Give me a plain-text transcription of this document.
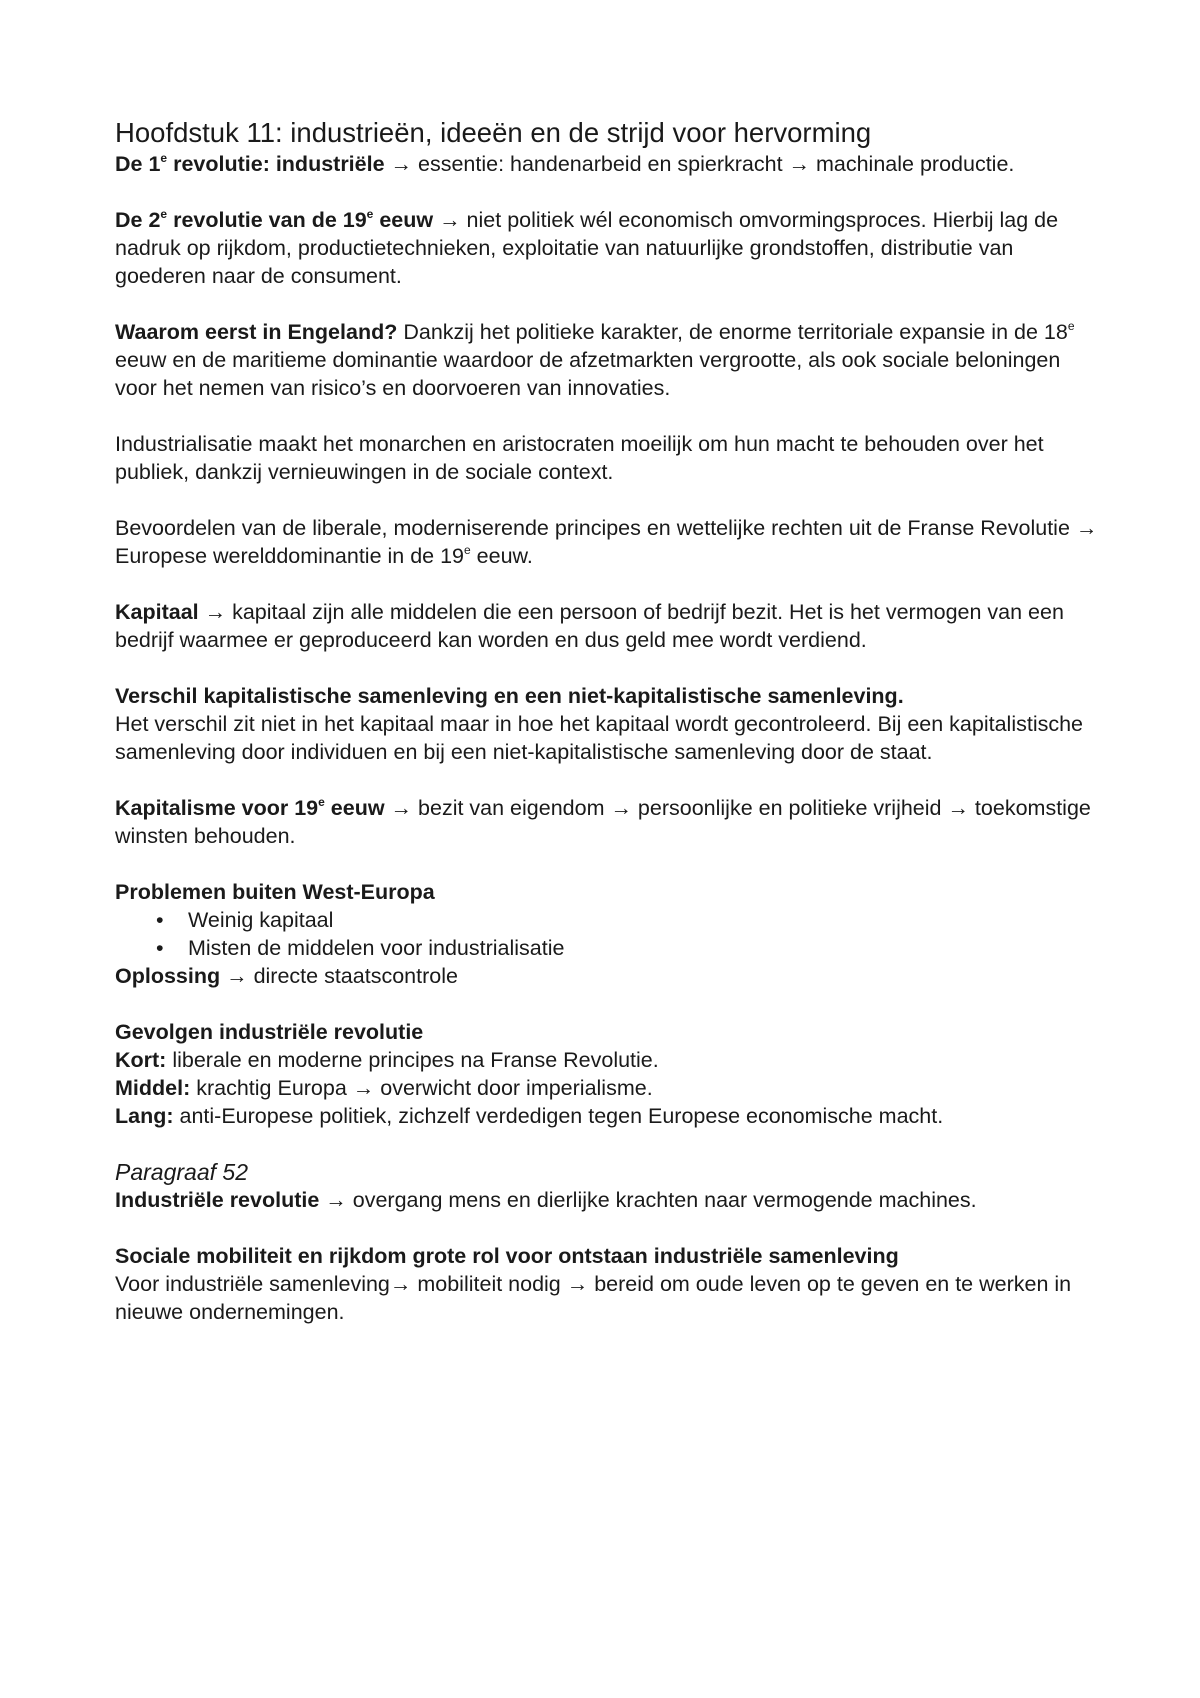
Hoofdstuk 11: industrieën, ideeën en de strijd voor hervorming

De 1e revolutie: industriële → essentie: handenarbeid en spierkracht → machinale productie.

De 2e revolutie van de 19e eeuw → niet politiek wél economisch omvormingsproces. Hierbij lag de nadruk op rijkdom, productietechnieken, exploitatie van natuurlijke grondstoffen, distributie van goederen naar de consument.

Waarom eerst in Engeland? Dankzij het politieke karakter, de enorme territoriale expansie in de 18e eeuw en de maritieme dominantie waardoor de afzetmarkten vergrootte, als ook sociale beloningen voor het nemen van risico’s en doorvoeren van innovaties.

Industrialisatie maakt het monarchen en aristocraten moeilijk om hun macht te behouden over het publiek, dankzij vernieuwingen in de sociale context.

Bevoordelen van de liberale, moderniserende principes en wettelijke rechten uit de Franse Revolutie → Europese werelddominantie in de 19e eeuw.

Kapitaal → kapitaal zijn alle middelen die een persoon of bedrijf bezit. Het is het vermogen van een bedrijf waarmee er geproduceerd kan worden en dus geld mee wordt verdiend.

Verschil kapitalistische samenleving en een niet-kapitalistische samenleving.

Het verschil zit niet in het kapitaal maar in hoe het kapitaal wordt gecontroleerd. Bij een kapitalistische samenleving door individuen en bij een niet-kapitalistische samenleving door de staat.

Kapitalisme voor 19e eeuw → bezit van eigendom → persoonlijke en politieke vrijheid → toekomstige winsten behouden.

Problemen buiten West-Europa

• Weinig kapitaal
• Misten de middelen voor industrialisatie

Oplossing → directe staatscontrole

Gevolgen industriële revolutie

Kort: liberale en moderne principes na Franse Revolutie.

Middel: krachtig Europa → overwicht door imperialisme.

Lang: anti-Europese politiek, zichzelf verdedigen tegen Europese economische macht.

Paragraaf 52

Industriële revolutie → overgang mens en dierlijke krachten naar vermogende machines.

Sociale mobiliteit en rijkdom grote rol voor ontstaan industriële samenleving

Voor industriële samenleving→ mobiliteit nodig → bereid om oude leven op te geven en te werken in nieuwe ondernemingen.
